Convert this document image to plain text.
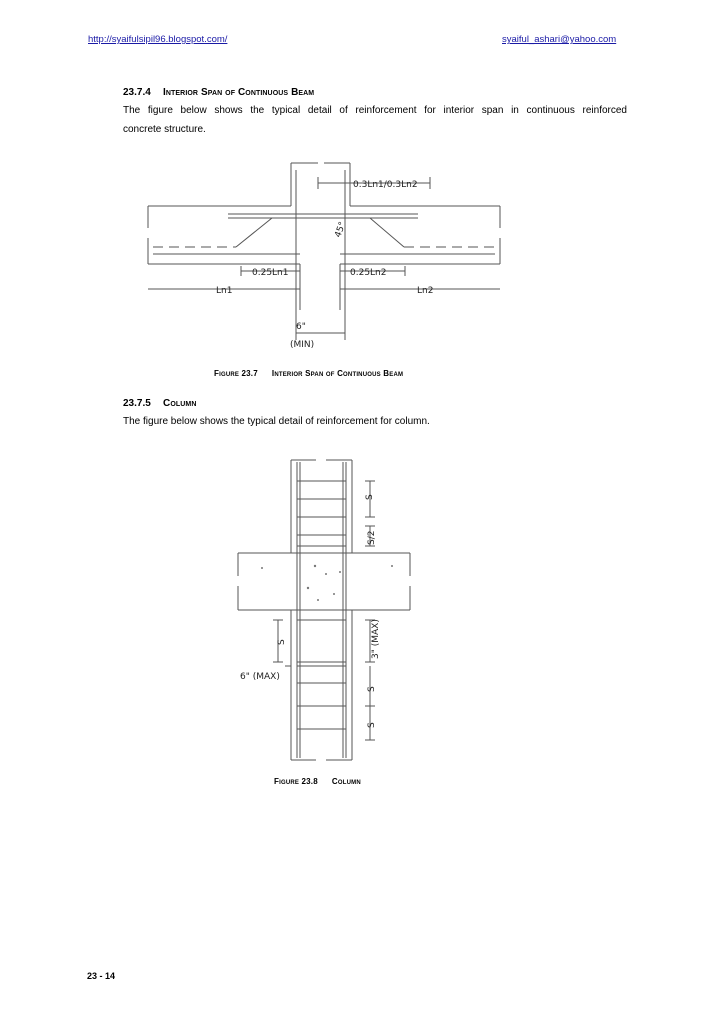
http://syaifulsipil96.blogspot.com/	syaiful_ashari@yahoo.com
23.7.4 Interior Span of Continuous Beam
The figure below shows the typical detail of reinforcement for interior span in continuous reinforced
concrete structure.
0.3Ln1/0.3Ln2
45°
0.25Ln1	0.25Ln2
Ln1	Ln2
6"
(MIN)
Figure 23.7 Interior Span of Continuous Beam
23.7.5 Column
The figure below shows the typical detail of reinforcement for column.
S
S/2
S	3" (MAX)
6" (MAX)
S
S
Figure 23.8 Column
23 - 14
